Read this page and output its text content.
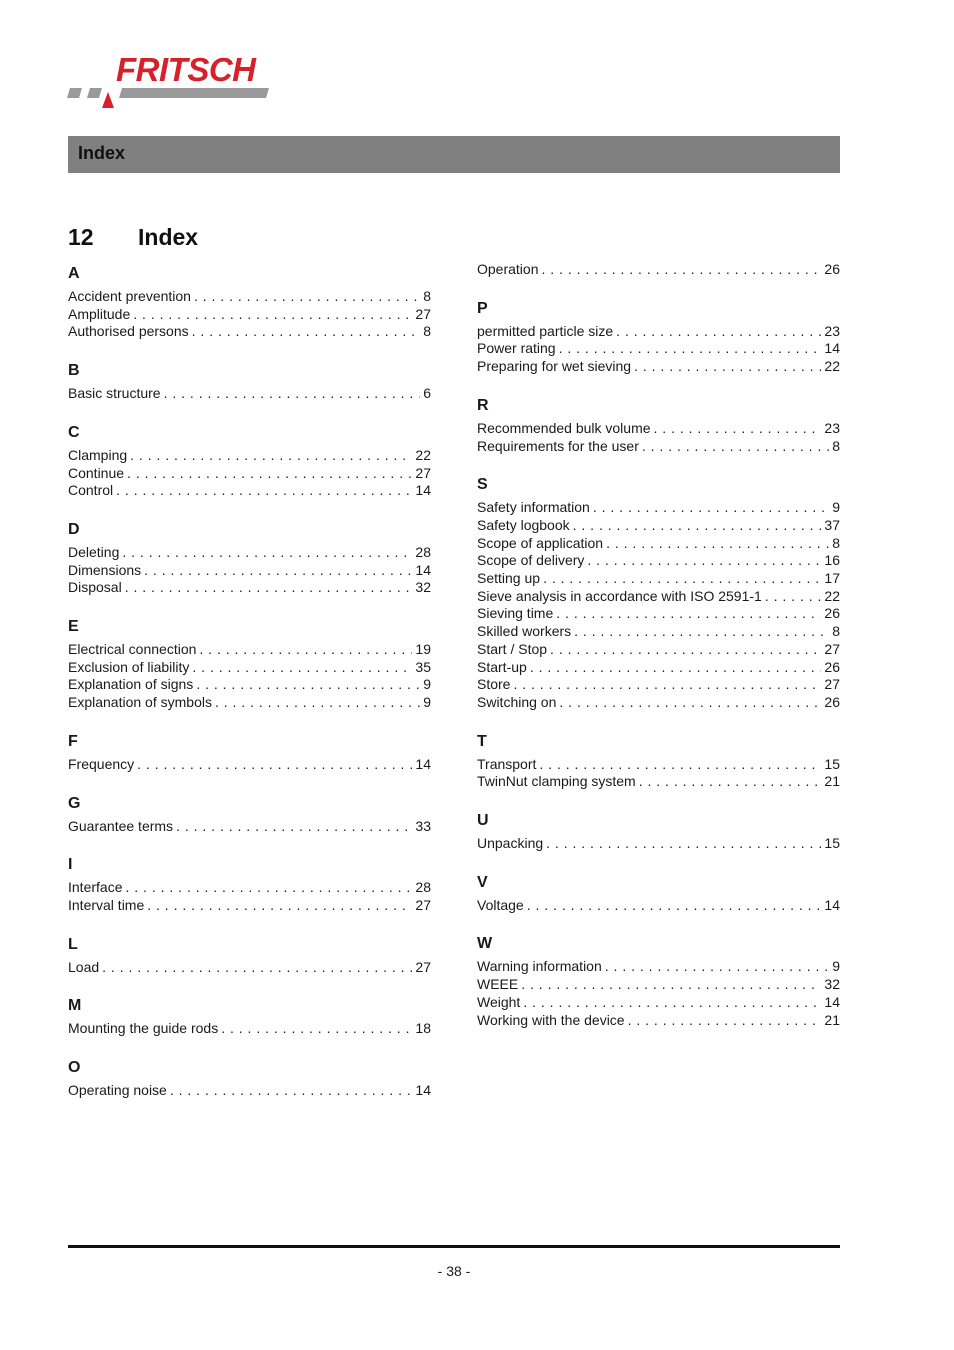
FRITSCH
Index
12 Index
A
Accident prevention . . .	8
Amplitude . . .	27
Authorised persons . . .	8
B
Basic structure . . .	6
C
Clamping . . .	22
Continue . . .	27
Control . . .	14
D
Deleting . . .	28
Dimensions . . .	14
Disposal . . .	32
E
Electrical connection . . .	19
Exclusion of liability . . .	35
Explanation of signs . . .	9
Explanation of symbols . . .	9
F
Frequency . . .	14
G
Guarantee terms . . .	33
I
Interface . . .	28
Interval time . . .	27
L
Load . . .	27
M
Mounting the guide rods . . .	18
O
Operating noise . . .	14
Operation . . .	26
P
permitted particle size . . .	23
Power rating . . .	14
Preparing for wet sieving . . .	22
R
Recommended bulk volume . . .	23
Requirements for the user . . .	8
S
Safety information . . .	9
Safety logbook . . .	37
Scope of application . . .	8
Scope of delivery . . .	16
Setting up . . .	17
Sieve analysis in accordance with ISO 2591-1 . . .	22
Sieving time . . .	26
Skilled workers . . .	8
Start / Stop . . .	27
Start-up . . .	26
Store . . .	27
Switching on . . .	26
T
Transport . . .	15
TwinNut clamping system . . .	21
U
Unpacking . . .	15
V
Voltage . . .	14
W
Warning information . . .	9
WEEE . . .	32
Weight . . .	14
Working with the device . . .	21
- 38 -
